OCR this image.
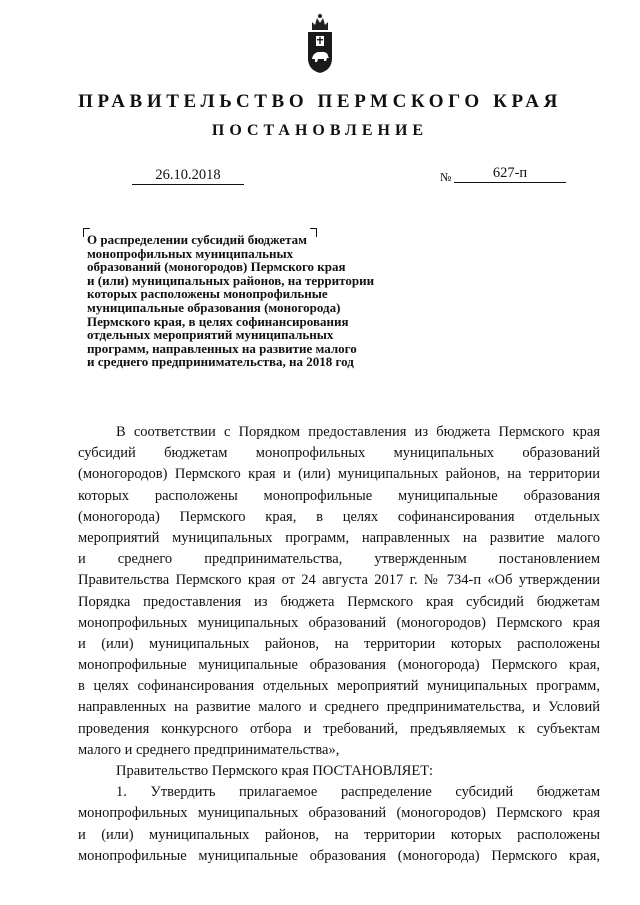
ПРАВИТЕЛЬСТВО ПЕРМСКОГО КРАЯ
ПОСТАНОВЛЕНИЕ
26.10.2018	№	627-п
О распределении субсидий бюджетам
монопрофильных муниципальных
образований (моногородов) Пермского края
и (или) муниципальных районов, на территории
которых расположены монопрофильные
муниципальные образования (моногорода)
Пермского края, в целях софинансирования
отдельных мероприятий муниципальных
программ, направленных на развитие малого
и среднего предпринимательства, на 2018 год
В соответствии с Порядком предоставления из бюджета Пермского края
субсидий бюджетам монопрофильных муниципальных образований
(моногородов) Пермского края и (или) муниципальных районов, на территории
которых расположены монопрофильные муниципальные образования
(моногорода) Пермского края, в целях софинансирования отдельных
мероприятий муниципальных программ, направленных на развитие малого
и среднего предпринимательства, утвержденным постановлением
Правительства Пермского края от 24 августа 2017 г. № 734-п «Об утверждении
Порядка предоставления из бюджета Пермского края субсидий бюджетам
монопрофильных муниципальных образований (моногородов) Пермского края
и (или) муниципальных районов, на территории которых расположены
монопрофильные муниципальные образования (моногорода) Пермского края,
в целях софинансирования отдельных мероприятий муниципальных программ,
направленных на развитие малого и среднего предпринимательства, и Условий
проведения конкурсного отбора и требований, предъявляемых к субъектам
малого и среднего предпринимательства»,
Правительство Пермского края ПОСТАНОВЛЯЕТ:
1. Утвердить прилагаемое распределение субсидий бюджетам
монопрофильных муниципальных образований (моногородов) Пермского края
и (или) муниципальных районов, на территории которых расположены
монопрофильные муниципальные образования (моногорода) Пермского края,
